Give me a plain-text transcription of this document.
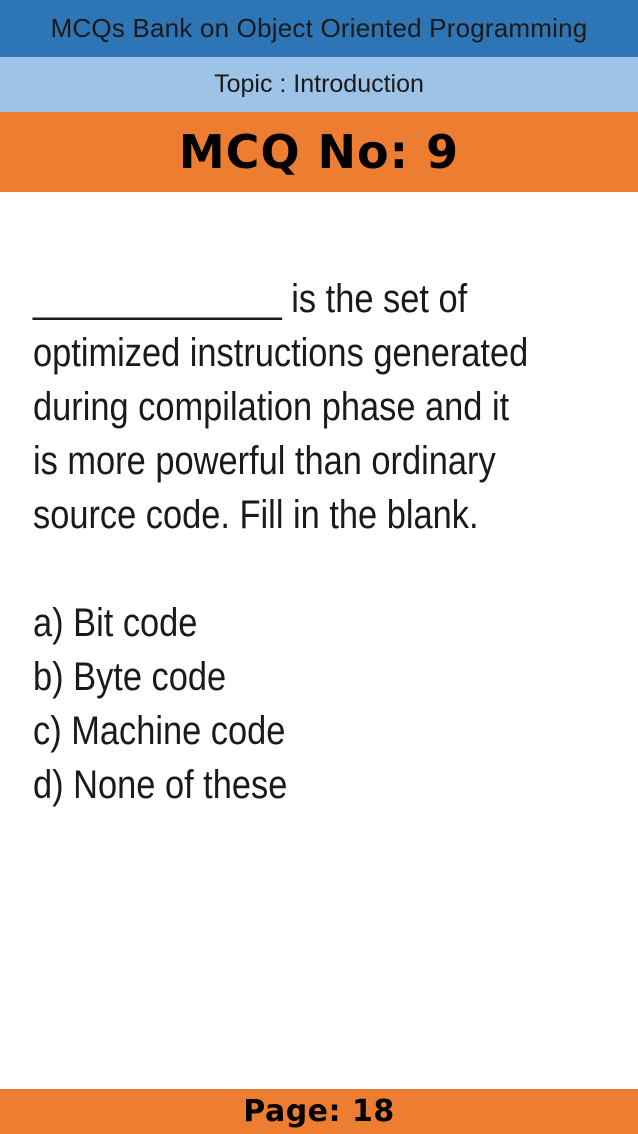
MCQs Bank on Object Oriented Programming
Topic : Introduction
MCQ No: 9

_____________ is the set of optimized instructions generated during compilation phase and it is more powerful than ordinary source code. Fill in the blank.

a) Bit code
b) Byte code
c) Machine code
d) None of these
Page: 18
